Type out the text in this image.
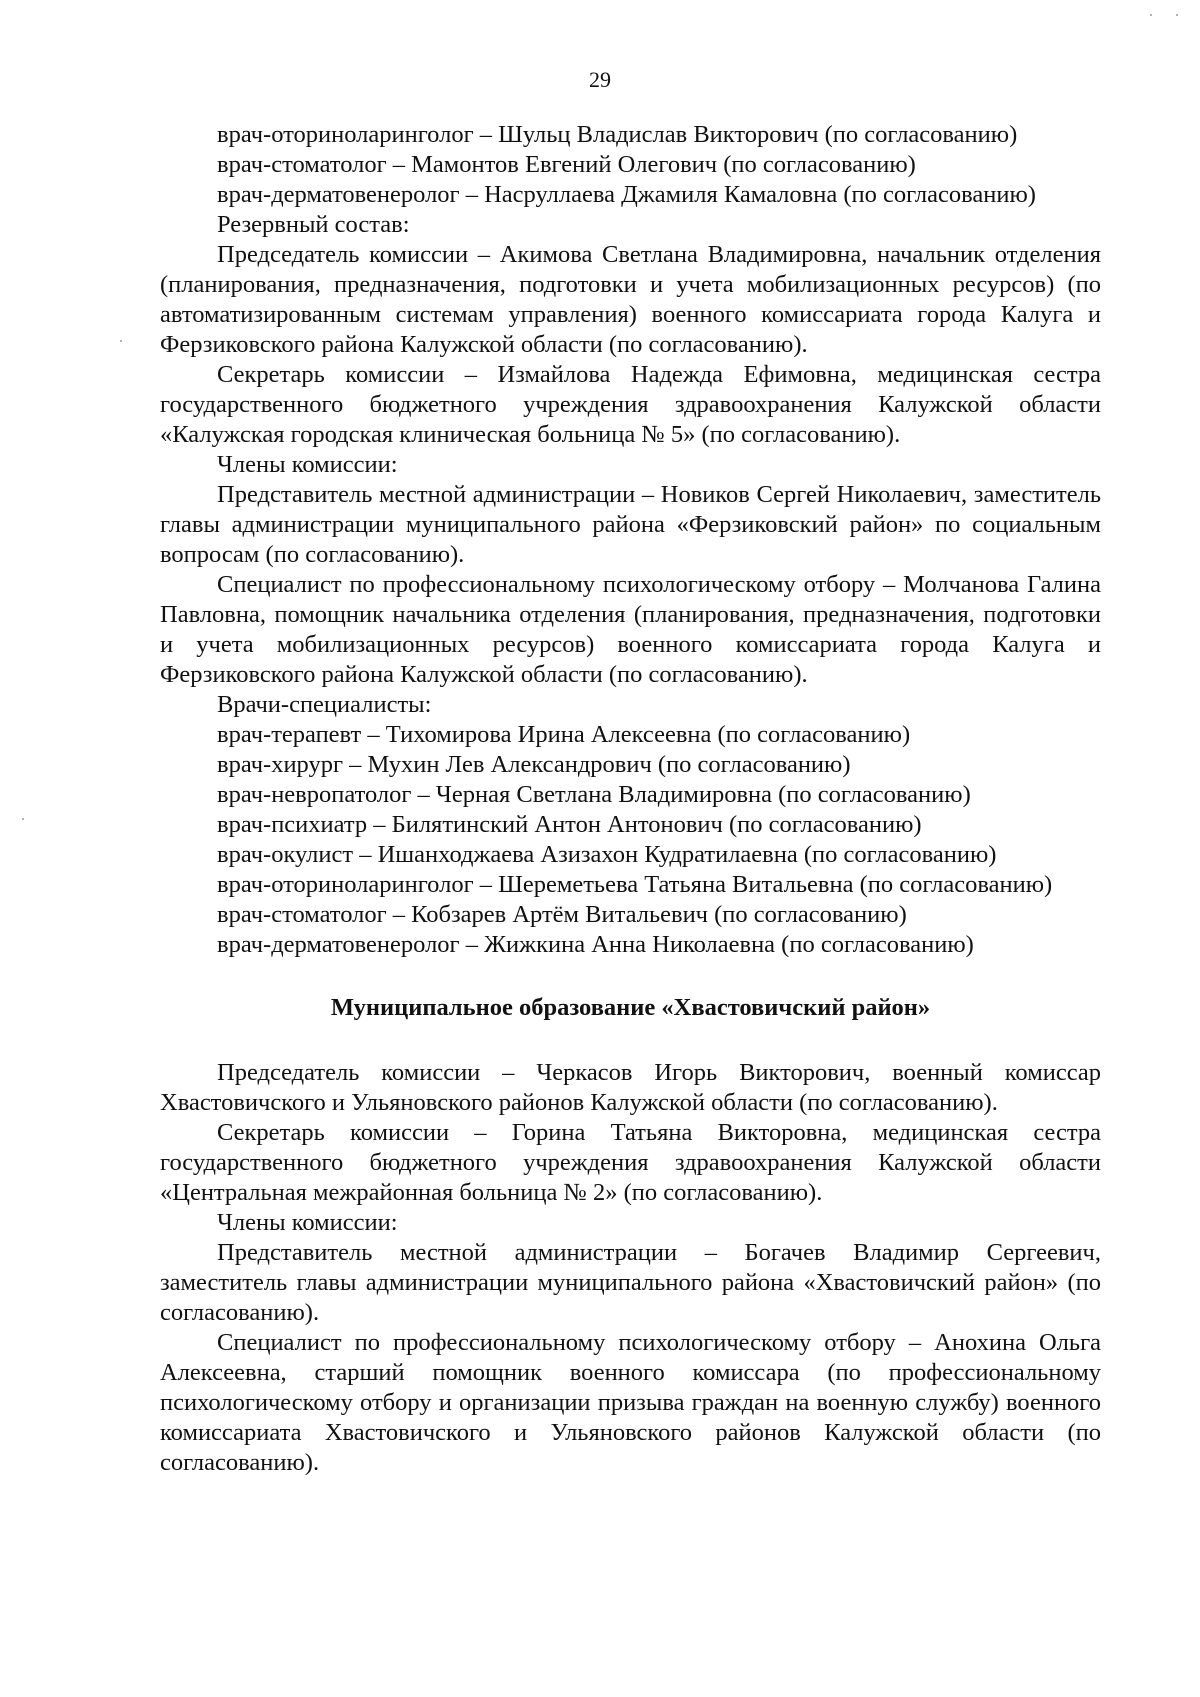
29
врач-оториноларинголог – Шульц Владислав Викторович (по согласованию)
врач-стоматолог – Мамонтов Евгений Олегович (по согласованию)
врач-дерматовенеролог – Насруллаева Джамиля Камаловна (по согласованию)
Резервный состав:

Председатель комиссии – Акимова Светлана Владимировна, начальник отделения (планирования, предназначения, подготовки и учета мобилизационных ресурсов) (по автоматизированным системам управления) военного комиссариата города Калуга и Ферзиковского района Калужской области (по согласованию).

Секретарь комиссии – Измайлова Надежда Ефимовна, медицинская сестра государственного бюджетного учреждения здравоохранения Калужской области «Калужская городская клиническая больница № 5» (по согласованию).

Члены комиссии:

Представитель местной администрации – Новиков Сергей Николаевич, заместитель главы администрации муниципального района «Ферзиковский район» по социальным вопросам (по согласованию).

Специалист по профессиональному психологическому отбору – Молчанова Галина Павловна, помощник начальника отделения (планирования, предназначения, подготовки и учета мобилизационных ресурсов) военного комиссариата города Калуга и Ферзиковского района Калужской области (по согласованию).

Врачи-специалисты:
врач-терапевт – Тихомирова Ирина Алексеевна (по согласованию)
врач-хирург – Мухин Лев Александрович (по согласованию)
врач-невропатолог – Черная Светлана Владимировна (по согласованию)
врач-психиатр – Билятинский Антон Антонович (по согласованию)
врач-окулист – Ишанходжаева Азизахон Кудратилаевна (по согласованию)

врач-оториноларинголог – Шереметьева Татьяна Витальевна (по согласованию)

врач-стоматолог – Кобзарев Артём Витальевич (по согласованию)
врач-дерматовенеролог – Жижкина Анна Николаевна (по согласованию)
Муниципальное образование «Хвастовичский район»

Председатель комиссии – Черкасов Игорь Викторович, военный комиссар Хвастовичского и Ульяновского районов Калужской области (по согласованию).

Секретарь комиссии – Горина Татьяна Викторовна, медицинская сестра государственного бюджетного учреждения здравоохранения Калужской области «Центральная межрайонная больница № 2» (по согласованию).

Члены комиссии:

Представитель местной администрации – Богачев Владимир Сергеевич, заместитель главы администрации муниципального района «Хвастовичский район» (по согласованию).

Специалист по профессиональному психологическому отбору – Анохина Ольга Алексеевна, старший помощник военного комиссара (по профессиональному психологическому отбору и организации призыва граждан на военную службу) военного комиссариата Хвастовичского и Ульяновского районов Калужской области (по согласованию).
